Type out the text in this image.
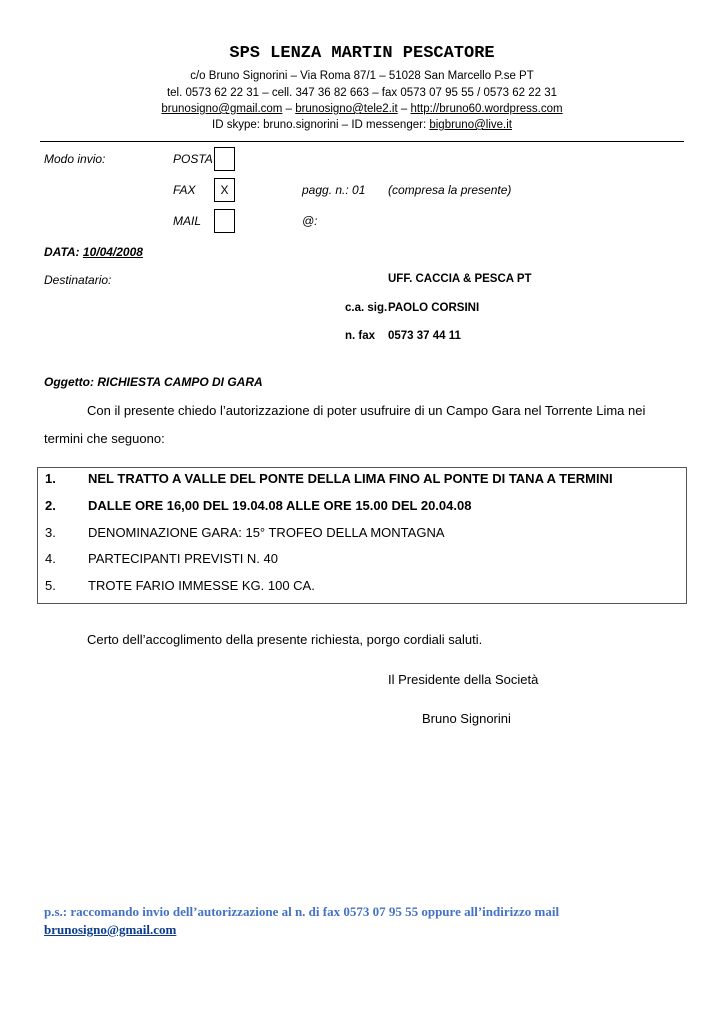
SPS LENZA MARTIN PESCATORE
c/o Bruno Signorini – Via Roma 87/1 – 51028 San Marcello P.se PT
tel. 0573 62 22 31 – cell. 347 36 82 663 – fax 0573 07 95 55 / 0573 62 22 31
brunosigno@gmail.com – brunosigno@tele2.it – http://bruno60.wordpress.com
ID skype: bruno.signorini – ID messenger: bigbruno@live.it
Modo invio:	POSTA
FAX	X	pagg. n.: 01 (compresa la presente)
MAIL	@:
DATA: 10/04/2008
Destinatario:	UFF. CACCIA & PESCA PT
c.a. sig. PAOLO CORSINI
n. fax 0573 37 44 11
Oggetto: RICHIESTA CAMPO DI GARA
Con il presente chiedo l’autorizzazione di poter usufruire di un Campo Gara nel Torrente Lima nei
termini che seguono:
1. NEL TRATTO A VALLE DEL PONTE DELLA LIMA FINO AL PONTE DI TANA A TERMINI
2. DALLE ORE 16,00 DEL 19.04.08 ALLE ORE 15.00 DEL 20.04.08
3. DENOMINAZIONE GARA: 15° TROFEO DELLA MONTAGNA
4. PARTECIPANTI PREVISTI N. 40
5. TROTE FARIO IMMESSE KG. 100 CA.
Certo dell’accoglimento della presente richiesta, porgo cordiali saluti.
Il Presidente della Società
Bruno Signorini
p.s.: raccomando invio dell’autorizzazione al n. di fax 0573 07 95 55 oppure all’indirizzo mail
brunosigno@gmail.com
